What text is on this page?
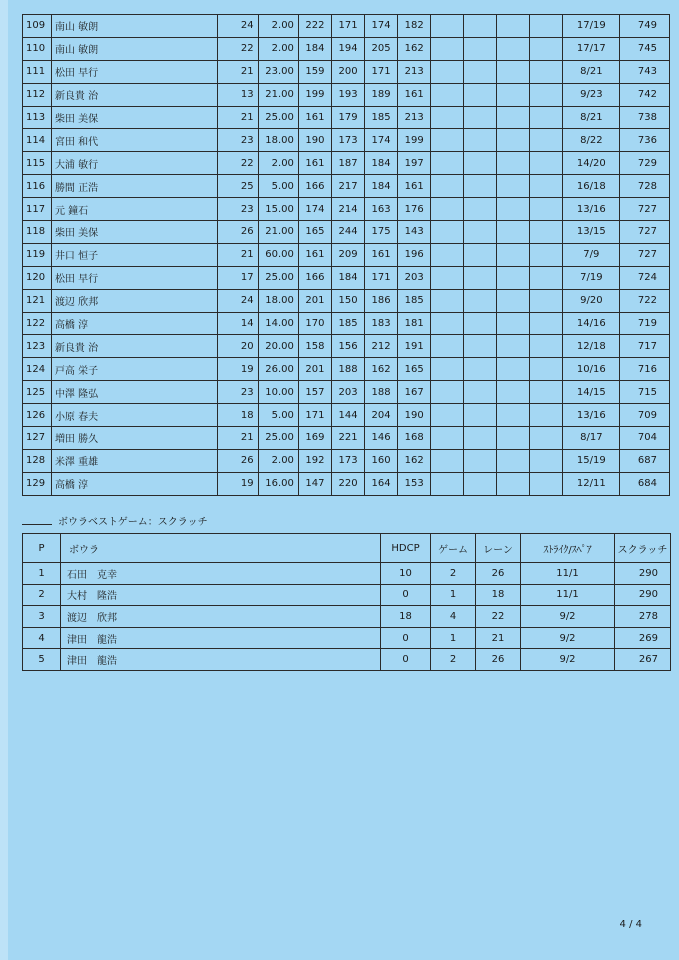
109	南山 敏朗	24	2.00	222	171	174	182					17/19	749
110	南山 敏朗	22	2.00	184	194	205	162					17/17	745
111	松田 早行	21	23.00	159	200	171	213					8/21	743
112	新良貴 治	13	21.00	199	193	189	161					9/23	742
113	柴田 美保	21	25.00	161	179	185	213					8/21	738
114	宮田 和代	23	18.00	190	173	174	199					8/22	736
115	大浦 敏行	22	2.00	161	187	184	197					14/20	729
116	勝間 正浩	25	5.00	166	217	184	161					16/18	728
117	元 鐘石	23	15.00	174	214	163	176					13/16	727
118	柴田 美保	26	21.00	165	244	175	143					13/15	727
119	井口 恒子	21	60.00	161	209	161	196					7/9	727
120	松田 早行	17	25.00	166	184	171	203					7/19	724
121	渡辺 欣邦	24	18.00	201	150	186	185					9/20	722
122	高橋 淳	14	14.00	170	185	183	181					14/16	719
123	新良貴 治	20	20.00	158	156	212	191					12/18	717
124	戸高 栄子	19	26.00	201	188	162	165					10/16	716
125	中澤 隆弘	23	10.00	157	203	188	167					14/15	715
126	小原 春夫	18	5.00	171	144	204	190					13/16	709
127	増田 勝久	21	25.00	169	221	146	168					8/17	704
128	米澤 重雄	26	2.00	192	173	160	162					15/19	687
129	高橋 淳	19	16.00	147	220	164	153					12/11	684
ボウラベストゲーム：スクラッチ
P	ボウラ	HDCP	ゲーム	レーン	ｽﾄﾗｲｸ/ｽﾍﾟｱ	スクラッチ
1	石田　克幸	10	2	26	11/1	290
2	大村　隆浩	0	1	18	11/1	290
3	渡辺　欣邦	18	4	22	9/2	278
4	津田　龍浩	0	1	21	9/2	269
5	津田　龍浩	0	2	26	9/2	267
4 / 4
